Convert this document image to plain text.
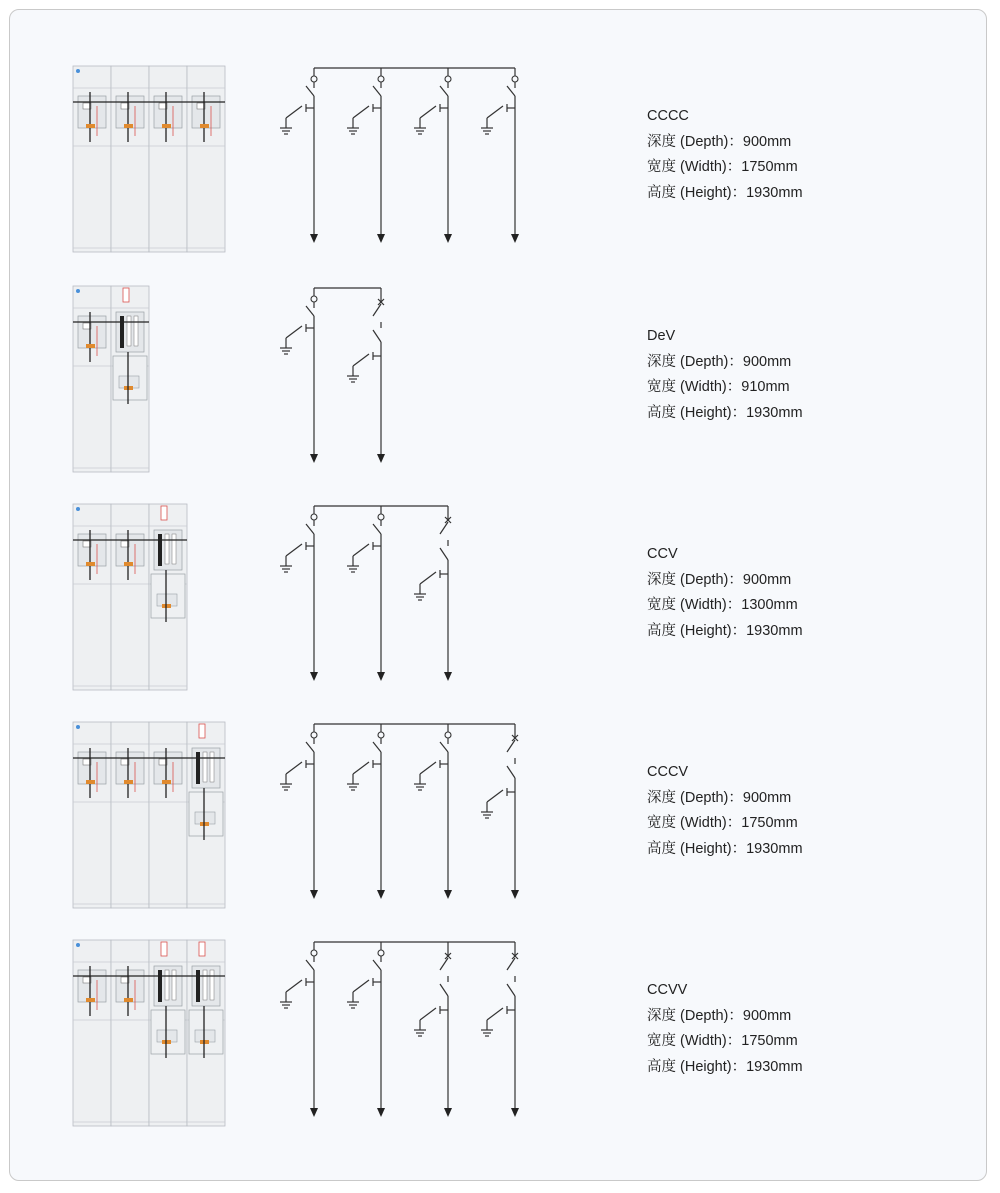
CCCC
深度 (Depth)：900mm
宽度 (Width)：1750mm
高度 (Height)：1930mm
DeV
深度 (Depth)：900mm
宽度 (Width)：910mm
高度 (Height)：1930mm
CCV
深度 (Depth)：900mm
宽度 (Width)：1300mm
高度 (Height)：1930mm
CCCV
深度 (Depth)：900mm
宽度 (Width)：1750mm
高度 (Height)：1930mm
CCVV
深度 (Depth)：900mm
宽度 (Width)：1750mm
高度 (Height)：1930mm
